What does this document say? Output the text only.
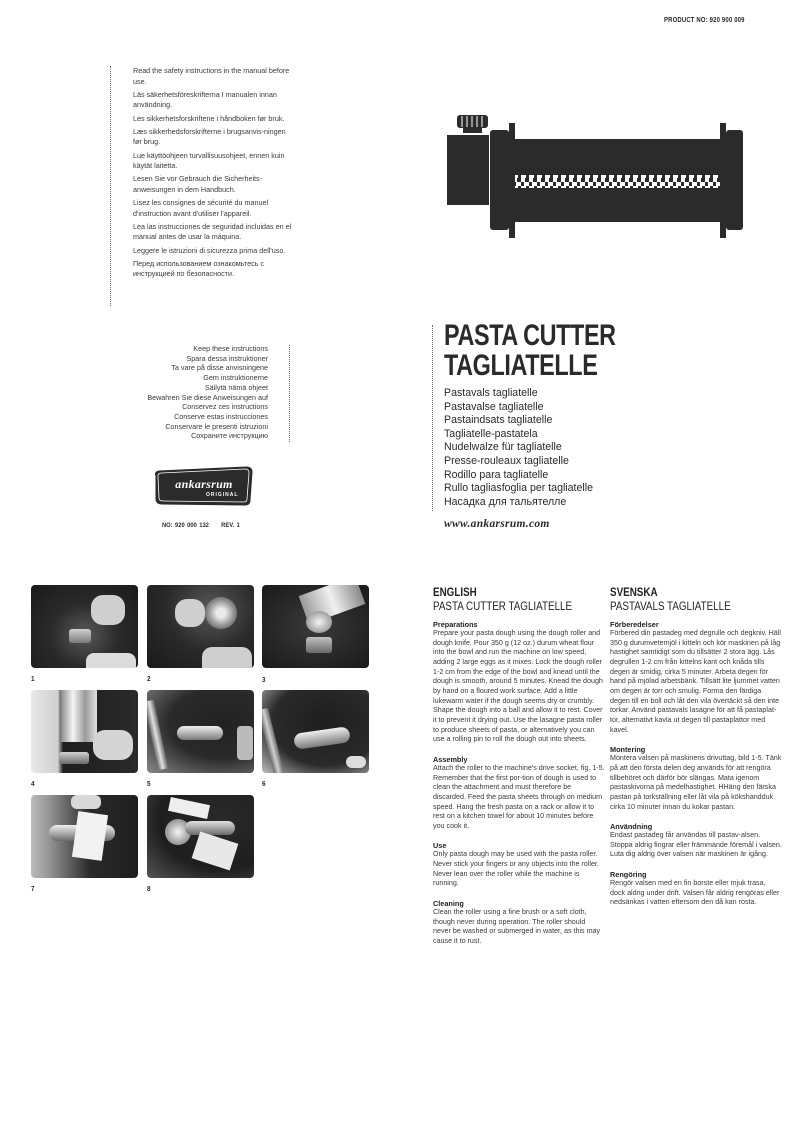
PRODUCT NO: 920 900 009

Read the safety instructions in the manual before use.

Läs säkerhetsföreskrifterna I manualen innan användning.

Les sikkerhetsforskriftene i håndboken før bruk.

Læs sikkerhedsforskrifterne i brugsanvis-ningen før brug.

Lue käyttöohjeen turvallisuusohjeet, ennen kuin käytät laitetta.

Lesen Sie vor Gebrauch die Sicherheits-anweisungen in dem Handbuch.

Lisez les consignes de sécurité du manuel d'instruction avant d'utiliser l'appareil.

Lea las instrucciones de seguridad incluidas en el manual antes de usar la máquina.

Leggere le istruzioni di sicurezza prima dell'uso.

Перед использованием ознакомьтесь с инструкцией по безопасности.

Keep these instructions
Spara dessa instruktioner
Ta vare på disse anvisningene
Gem instruktionerne
Säilytä nämä ohjeet
Bewahren Sie diese Anweisungen auf
Conservez ces instructions
Conserve estas instrucciones
Conservare le presenti istruzioni
Сохраните инструкцию
ankarsrum
ORIGINAL
NO: 920 000 132 REV. 1
PASTA CUTTER
TAGLIATELLE
Pastavals tagliatelle
Pastavalse tagliatelle
Pastaindsats tagliatelle
Tagliatelle-pastatela
Nudelwalze für tagliatelle
Presse-rouleaux tagliatelle
Rodillo para tagliatelle
Rullo tagliasfoglia per tagliatelle
Насадка для тальятелле
www.ankarsrum.com
1	2	3
4	5	6
7	8
ENGLISH
PASTA CUTTER TAGLIATELLE
Preparations

Prepare your pasta dough using the dough roller and dough knife. Pour 350 g (12 oz.) durum wheat flour into the bowl and run the machine on low speed, adding 2 large eggs as it mixes. Lock the dough roller 1-2 cm from the edge of the bowl and knead until the dough is smooth, around 5 minutes. Knead the dough by hand on a floured work surface. Add a little lukewarm water if the dough seems dry or crumbly. Shape the dough into a ball and allow it to rest. Cover it to prevent it drying out. Use the lasagne pasta roller to produce sheets of pasta, or alternatively you can use a rolling pin to roll the dough out into sheets.

Assembly

Attach the roller to the machine's drive socket, fig. 1-5. Remember that the first por-tion of dough is used to clean the attachment and must therefore be discarded. Feed the pasta sheets through on medium speed. Hang the fresh pasta on a rack or allow it to rest on a kitchen towel for about 10 minutes before you cook it.

Use

Only pasta dough may be used with the pasta roller. Never stick your fingers or any objects into the roller. Never lean over the roller while the machine is running.

Cleaning

Clean the roller using a fine brush or a soft cloth, though never during operation. The roller should never be washed or submerged in water, as this may cause it to rust.

SVENSKA
PASTAVALS TAGLIATELLE
Förberedelser

Förbered din pastadeg med degrulle och degkniv. Häll 350 g durumvetemjöl i kitteln och kör maskinen på låg hastighet samtidigt som du tillsätter 2 stora ägg. Lås degrullen 1-2 cm från kittelns kant och knåda tills degen är smidig, cirka 5 minuter. Arbeta degen för hand på mjölad arbetsbänk. Tillsätt lite ljummet vatten om degen är torr och smulig. Forma den färdiga degen till en boll och låt den vila övertäckt så den inte torkar. Använd pastavals lasagne för att få pastaplat-tor, alternativt kavla ut degen till pastaplattor med kavel.

Montering

Montera valsen på maskinens drivuttag, bild 1-5. Tänk på att den första delen deg används för att rengöra tillbehöret och därför bör slängas. Mata igenom pastaskivorna på medelhastighet. HHäng den färska pastan på torkställning eller låt vila på kökshandduk cirka 10 minuter innan du kokar pastan.

Användning

Endast pastadeg får användas till pastav-alsen. Stoppa aldrig fingrar eller främmande föremål i valsen. Luta dig aldrig över valsen när maskinen är igång.

Rengöring

Rengör valsen med en fin borste eller mjuk trasa, dock aldrig under drift. Valsen får aldrig rengöras eller nedsänkas i vatten eftersom den då kan rosta.
